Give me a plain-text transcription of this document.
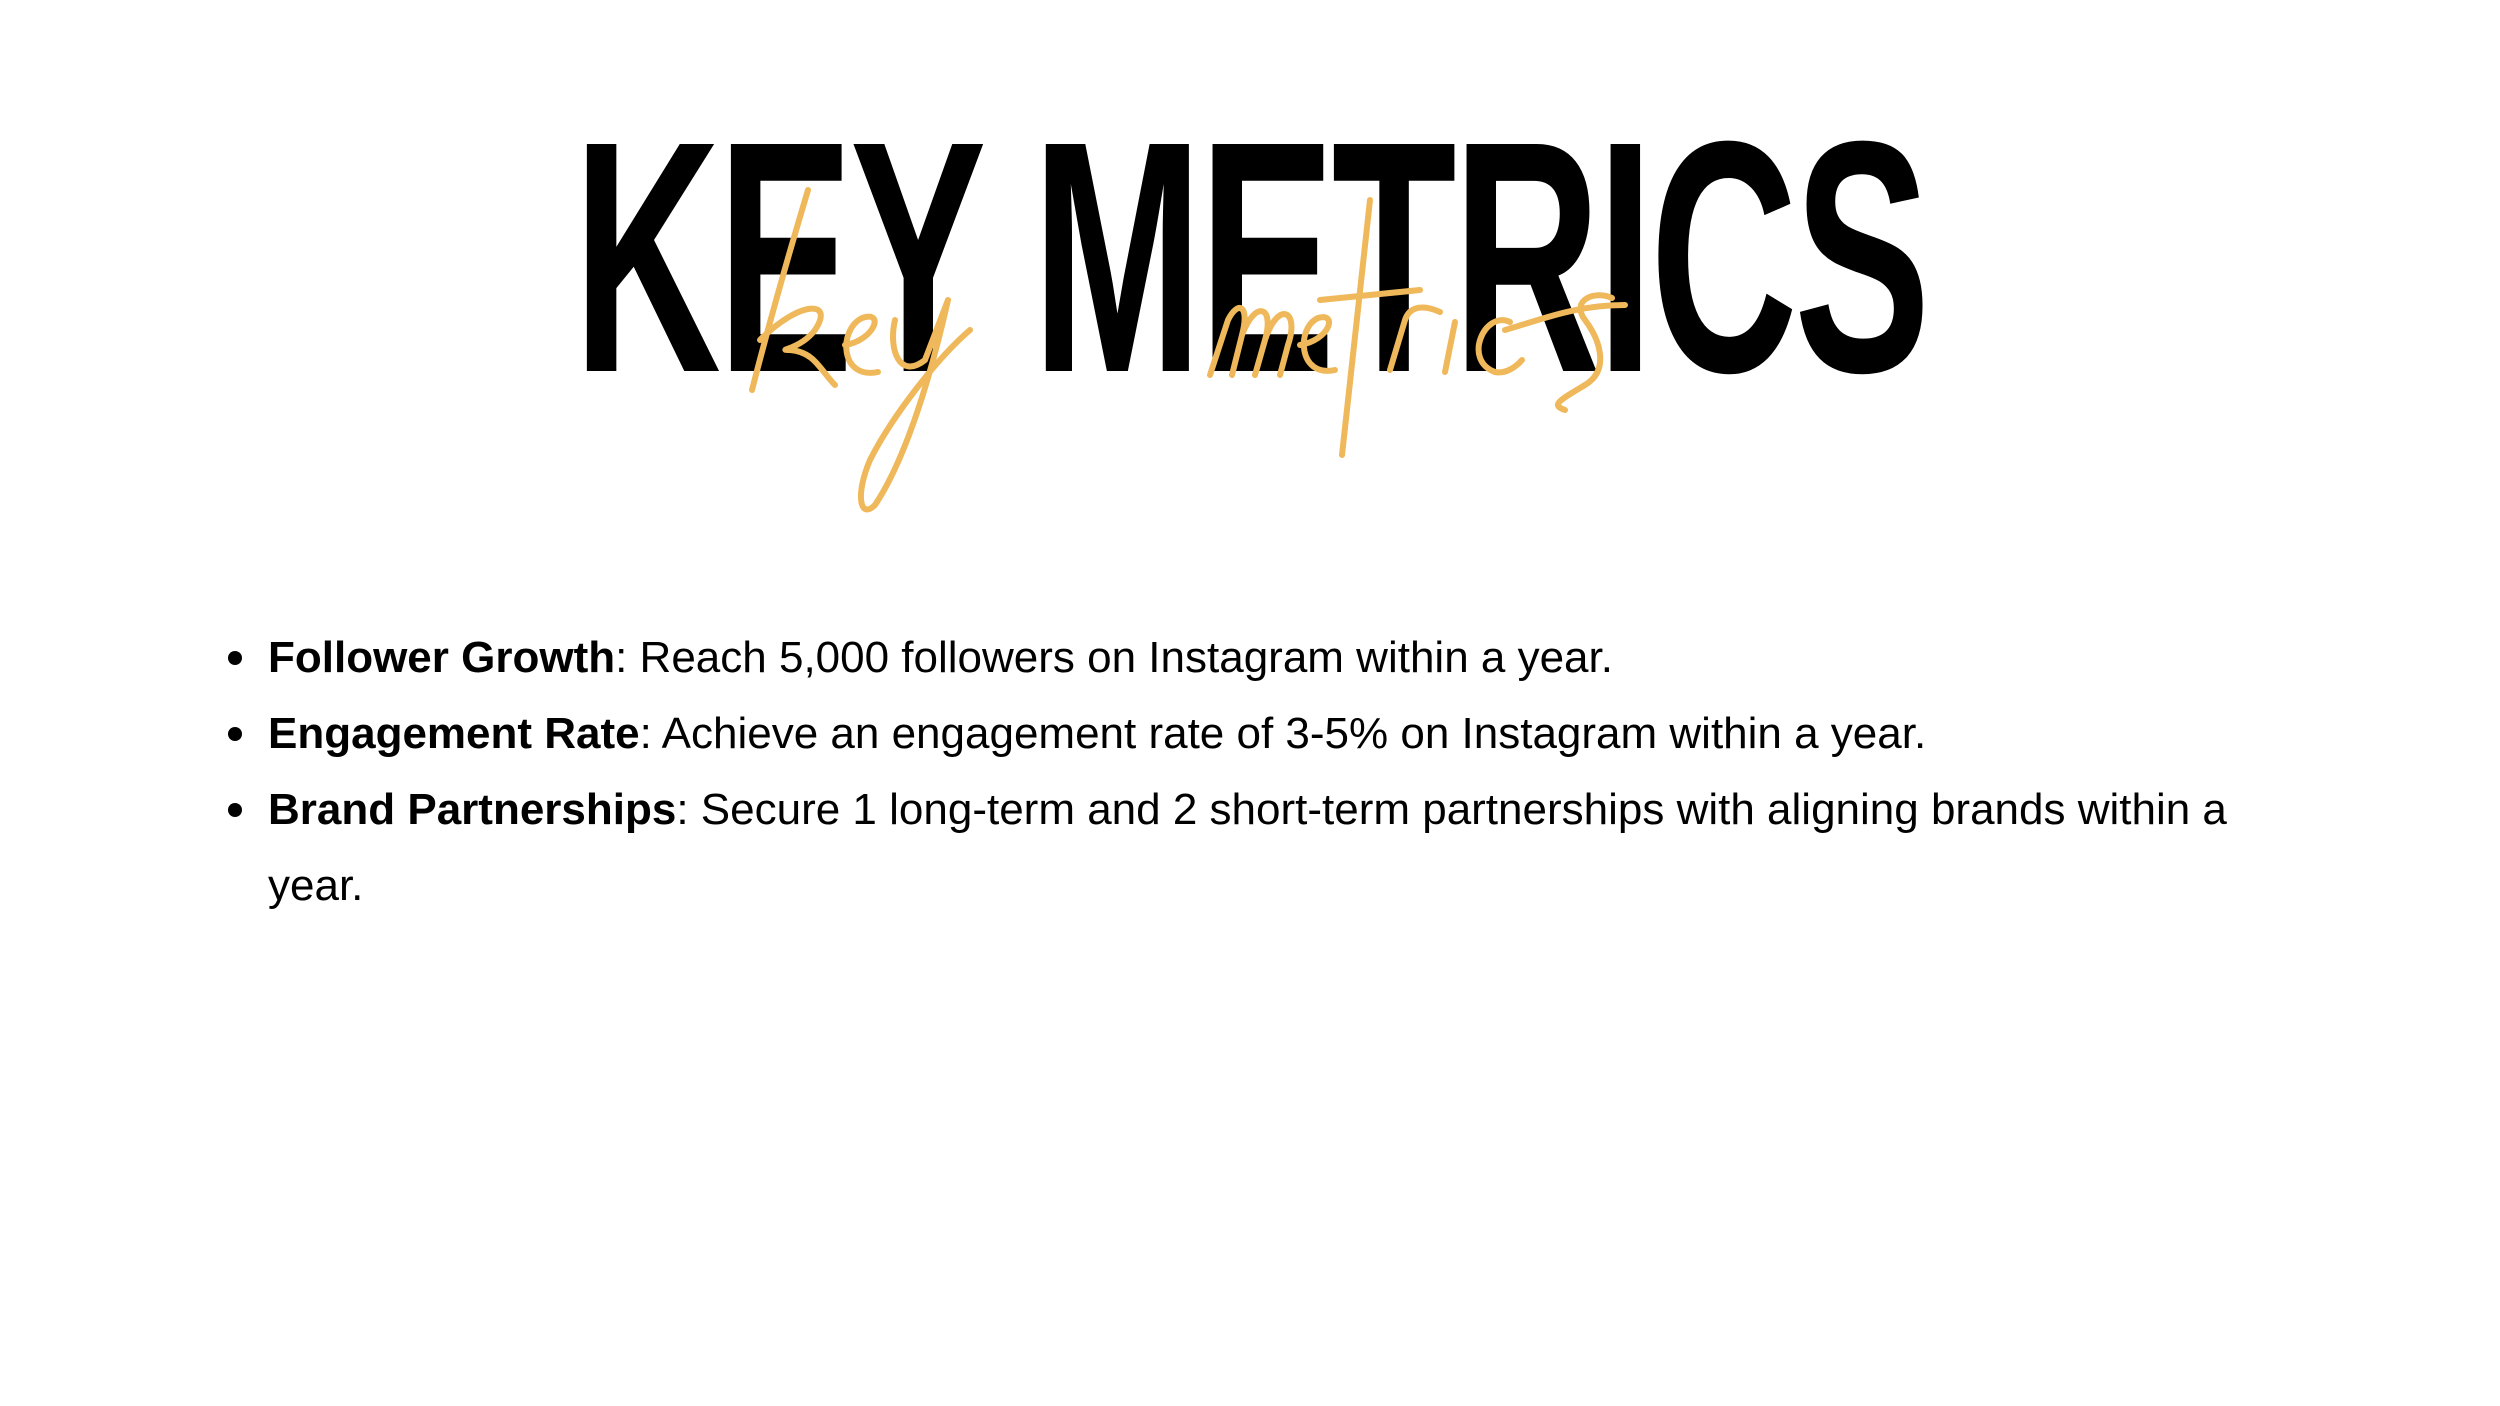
KEY METRICS
Follower Growth: Reach 5,000 followers on Instagram within a year.
Engagement Rate: Achieve an engagement rate of 3-5% on Instagram within a year.
Brand Partnerships: Secure 1 long-term and 2 short-term partnerships with aligning brands within a year.
